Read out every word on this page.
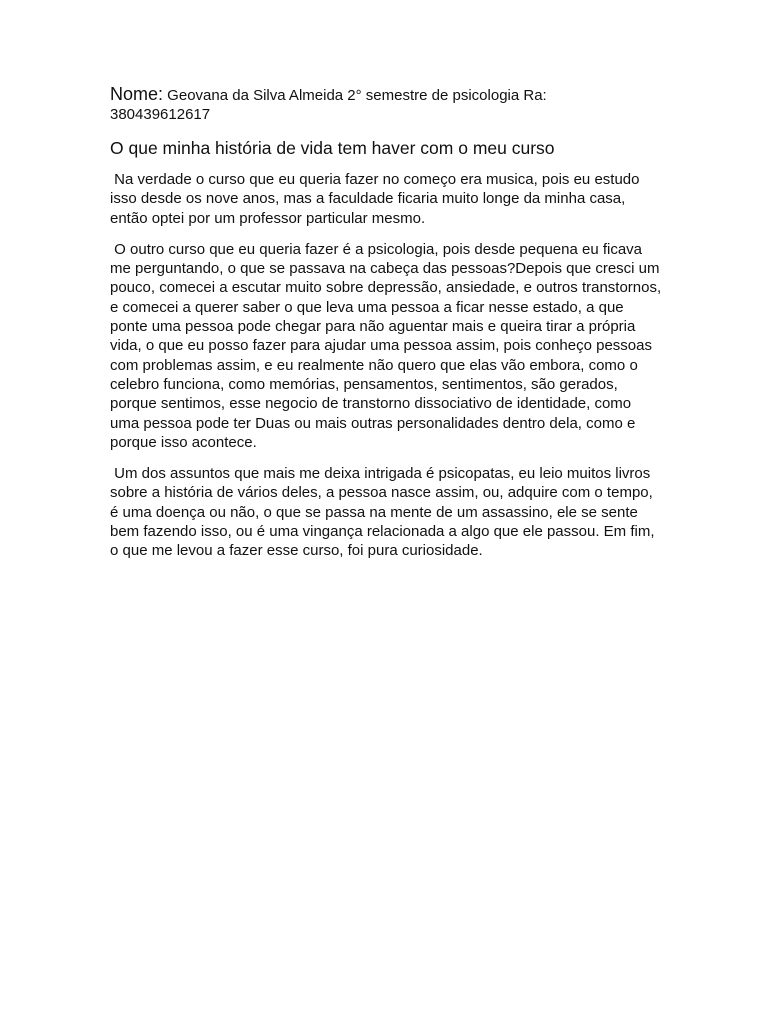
Nome: Geovana da Silva Almeida 2° semestre de psicologia Ra:
380439612617
O que minha história de vida tem haver com o meu curso
Na verdade o curso que eu queria fazer no começo era musica, pois eu estudo isso desde os nove anos, mas a faculdade ficaria muito longe da minha casa, então optei por um professor particular mesmo.
O outro curso que eu queria fazer é a psicologia, pois desde pequena eu ficava me perguntando, o que se passava na cabeça das pessoas?Depois que cresci um pouco, comecei a escutar muito sobre depressão, ansiedade, e outros transtornos, e comecei a querer saber o que leva uma pessoa a ficar nesse estado, a que ponte uma pessoa pode chegar para não aguentar mais e queira tirar a própria vida, o que eu posso fazer para ajudar uma pessoa assim, pois conheço pessoas com problemas assim, e eu realmente não quero que elas vão embora, como o celebro funciona, como memórias, pensamentos, sentimentos, são gerados, porque sentimos, esse negocio de transtorno dissociativo de identidade, como uma pessoa pode ter Duas ou mais outras personalidades dentro dela, como e porque isso acontece.
Um dos assuntos que mais me deixa intrigada é psicopatas, eu leio muitos livros sobre a história de vários deles, a pessoa nasce assim, ou, adquire com o tempo, é uma doença ou não, o que se passa na mente de um assassino, ele se sente bem fazendo isso, ou é uma vingança relacionada a algo que ele passou. Em fim, o que me levou a fazer esse curso, foi pura curiosidade.
